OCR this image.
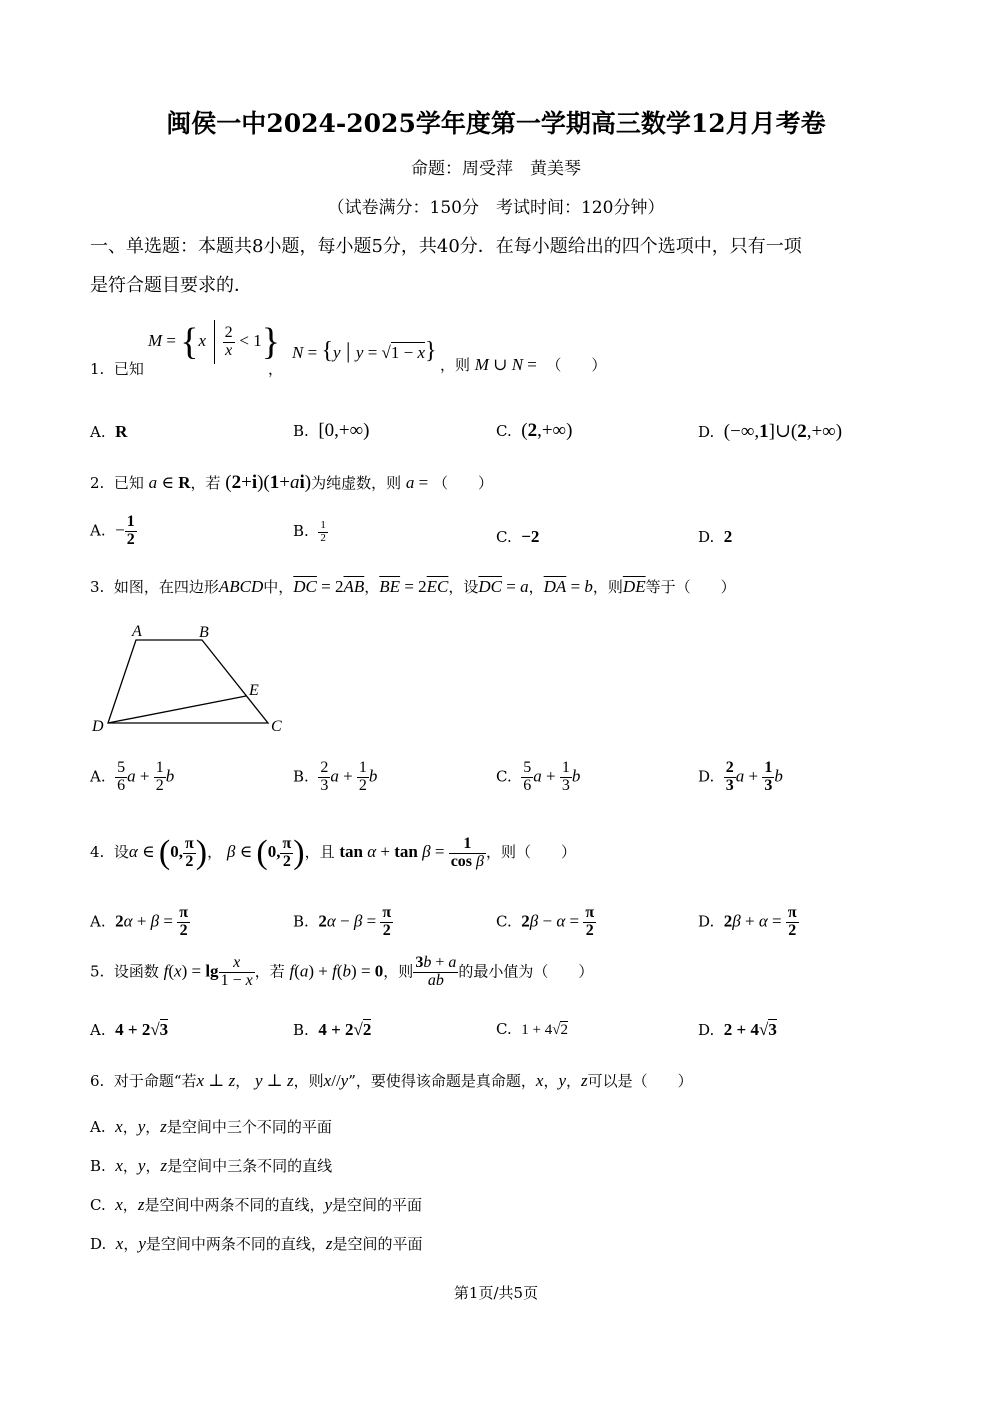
闽侯一中2024-2025学年度第一学期高三数学12月月考卷
命题：周受萍　黄美琴
（试卷满分：150分　考试时间：120分钟）
一、单选题：本题共8小题，每小题5分，共40分．在每小题给出的四个选项中，只有一项
是符合题目要求的．
1.  已知
$M = \{x \frac{2}{x} < 1\}$
，
N = {y | y = √1 − x}
，则 M ∪ N =  （　　）
A.  R	B.  [0,+∞)	C.  (2,+∞)	D.  (−∞,1]∪(2,+∞)
2.  已知 a ∈ R，若 (2+i)(1+ai)为纯虚数，则 a = （　　）
A.  − $\frac{1}{2}$	B. $\frac{1}{2}$	C.  −2	D.  2
3.  如图，在四边形ABCD中，$\overline{DC} = 2\overline{AB}$，$\overline{BE} = 2\overline{EC}$，设$\overline{DC} = a$，$\overline{DA} = b$，则$\overline{DE}$等于（　　）
A	B
E
D	C
A. $\frac{5}{6}$ $a + \frac{1}{2}$ b	B. $\frac{2}{3}$ $a + \frac{1}{2}$ b	C. $\frac{5}{6}$ $a + \frac{1}{3}$ b	D. $\frac{2}{3}$ $a + \frac{1}{3}$ b
4.  设α ∈ (0, $\frac{\pi}{2}$ )， β ∈ (0, $\frac{\pi}{2}$ )，且 $\tan \alpha + \tan \beta = \frac{1}{\text{cos β}}$ ，则（　　）
A.  $2\alpha + \beta = \frac{\pi}{2}$	B.  $2\alpha - \beta = \frac{\pi}{2}$	C.  $2\beta - \alpha = \frac{\pi}{2}$	D.  $2\beta + \alpha = \frac{\pi}{2}$
5.  设函数 $f(x) = \lg \frac{x}{1 - x}$ ，若 f(a) + f(b) = 0，则 $\frac{3b + a}{ab}$ 的最小值为（　　）
A.  4 + 2√3	B.  4 + 2√2	C.  1 + 4√2	D.  2 + 4√3
6.  对于命题“若x ⊥ z， y ⊥ z，则x//y”，要使得该命题是真命题，x，y，z可以是（　　）
A.  x，y，z是空间中三个不同的平面
B.  x，y，z是空间中三条不同的直线
C.  x，z是空间中两条不同的直线，y是空间的平面
D.  x，y是空间中两条不同的直线，z是空间的平面
第1页/共5页
